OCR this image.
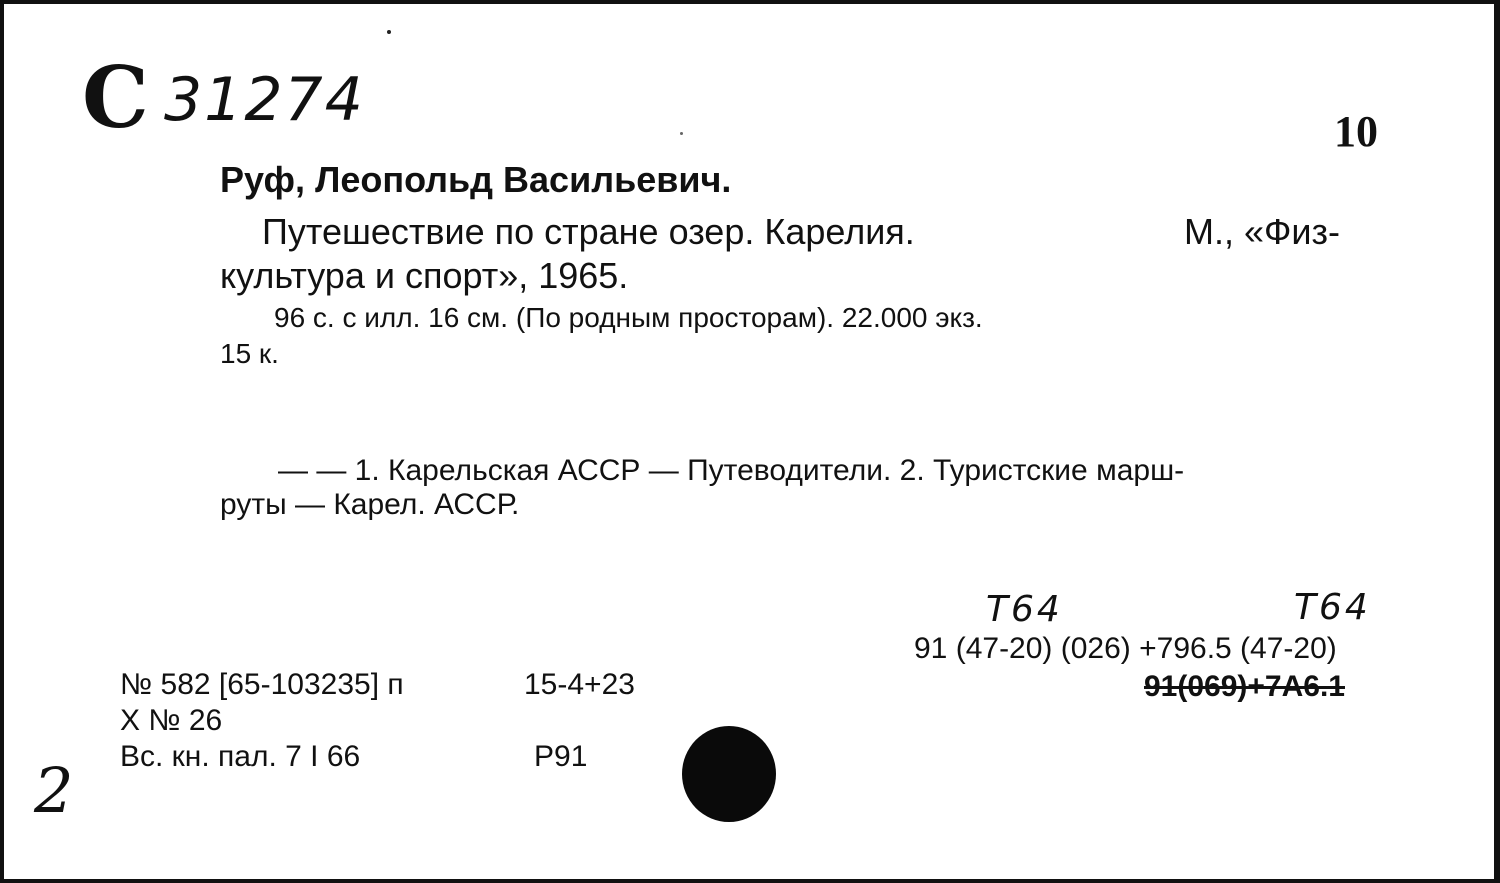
С 31274	10
Руф, Леопольд Васильевич.
Путешествие по стране озер. Карелия.	М., «Физ-
культура и спорт», 1965.
96 с. с илл. 16 см. (По родным просторам). 22.000 экз.
15 к.
— — 1. Карельская АССР — Путеводители. 2. Туристские марш-
руты — Карел. АССР.
Т64	Т64
91 (47-20) (026) +796.5 (47-20)
91(069)+7А6.1
№ 582 [65-103235] п	15-4+23
Х № 26
Вс. кн. пал. 7 I 66	Р91
2
